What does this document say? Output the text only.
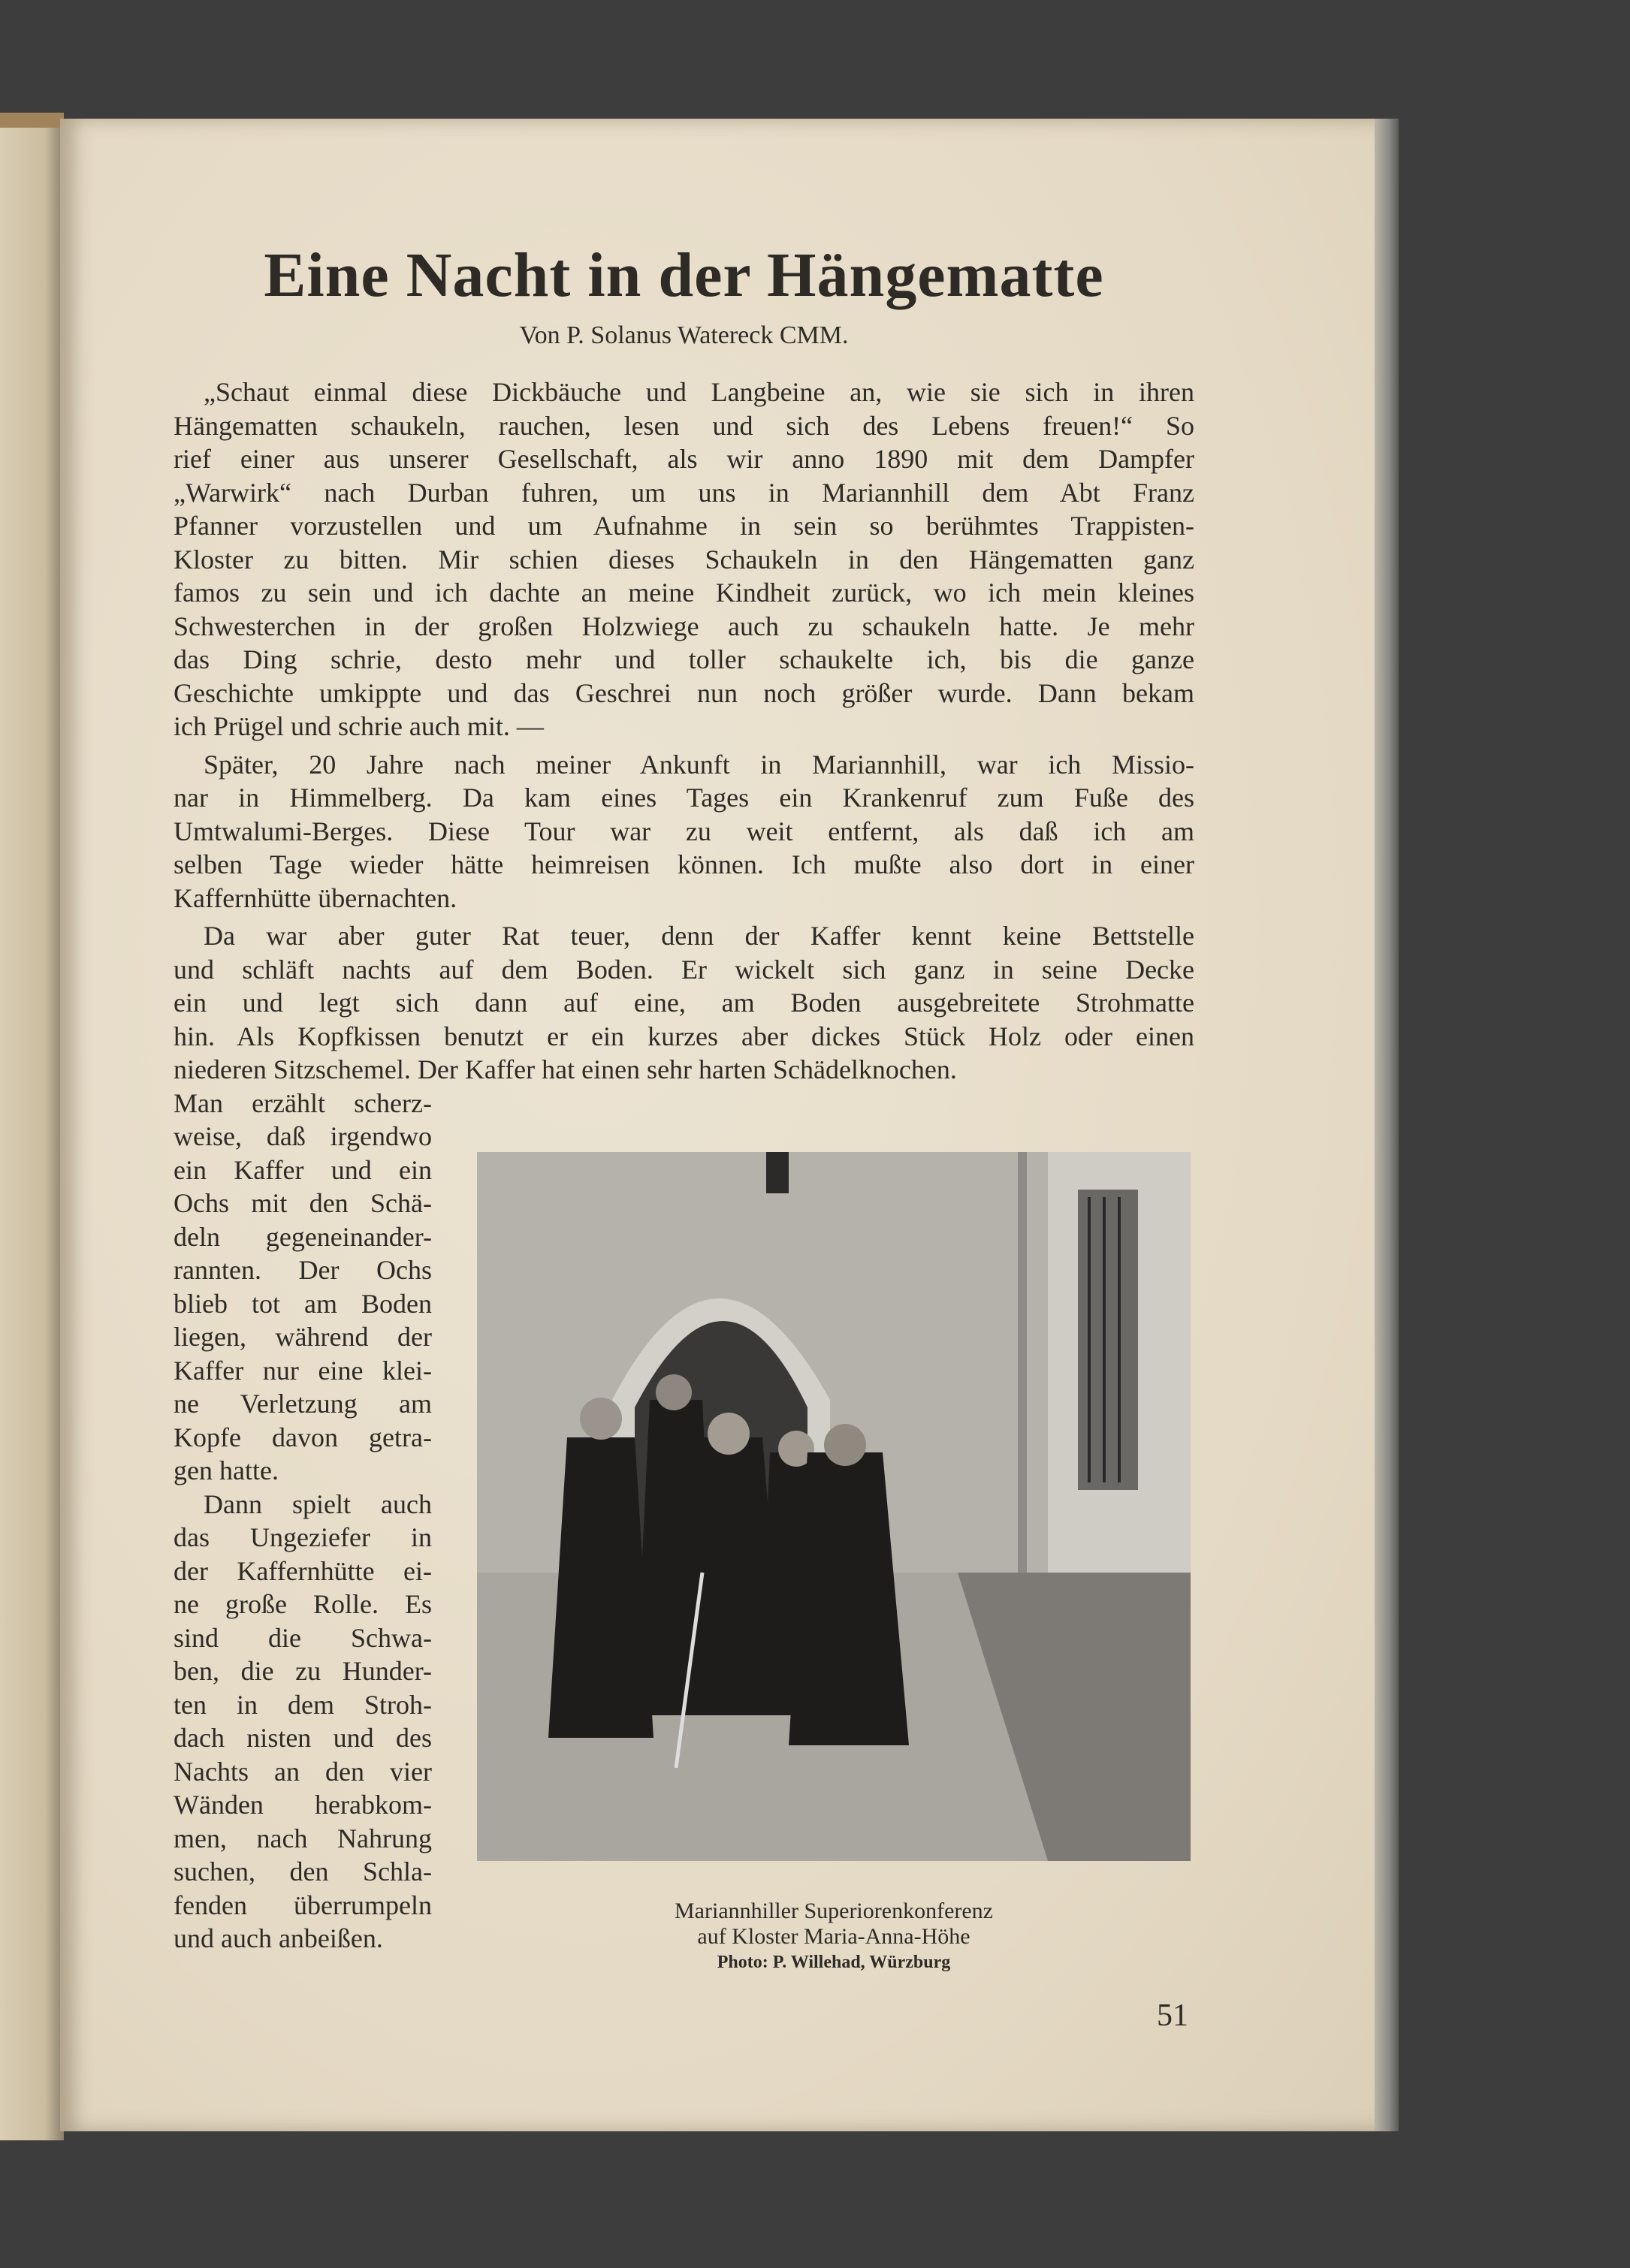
Eine Nacht in der Hängematte
Von P. Solanus Watereck CMM.
„Schaut einmal diese Dickbäuche und Langbeine an, wie sie sich in ihren
Hängematten schaukeln, rauchen, lesen und sich des Lebens freuen!“ So
rief einer aus unserer Gesellschaft, als wir anno 1890 mit dem Dampfer
„Warwirk“ nach Durban fuhren, um uns in Mariannhill dem Abt Franz
Pfanner vorzustellen und um Aufnahme in sein so berühmtes Trappisten-
Kloster zu bitten. Mir schien dieses Schaukeln in den Hängematten ganz
famos zu sein und ich dachte an meine Kindheit zurück, wo ich mein kleines
Schwesterchen in der großen Holzwiege auch zu schaukeln hatte. Je mehr
das Ding schrie, desto mehr und toller schaukelte ich, bis die ganze
Geschichte umkippte und das Geschrei nun noch größer wurde. Dann bekam
ich Prügel und schrie auch mit. —
Später, 20 Jahre nach meiner Ankunft in Mariannhill, war ich Missio-
nar in Himmelberg. Da kam eines Tages ein Krankenruf zum Fuße des
Umtwalumi-Berges. Diese Tour war zu weit entfernt, als daß ich am
selben Tage wieder hätte heimreisen können. Ich mußte also dort in einer
Kaffernhütte übernachten.
Da war aber guter Rat teuer, denn der Kaffer kennt keine Bettstelle
und schläft nachts auf dem Boden. Er wickelt sich ganz in seine Decke
ein und legt sich dann auf eine, am Boden ausgebreitete Strohmatte
hin. Als Kopfkissen benutzt er ein kurzes aber dickes Stück Holz oder einen
niederen Sitzschemel. Der Kaffer hat einen sehr harten Schädelknochen.
Man erzählt scherz-
weise, daß irgendwo
ein Kaffer und ein
Ochs mit den Schä-
deln gegeneinander-
rannten. Der Ochs
blieb tot am Boden
liegen, während der
Kaffer nur eine klei-
ne Verletzung am
Kopfe davon getra-
gen hatte.
Dann spielt auch
das Ungeziefer in
der Kaffernhütte ei-
ne große Rolle. Es
sind die Schwa-
ben, die zu Hunder-
ten in dem Stroh-
dach nisten und des
Nachts an den vier
Wänden herabkom-
men, nach Nahrung
suchen, den Schla-
fenden überrumpeln
und auch anbeißen.
Mariannhiller Superiorenkonferenz
auf Kloster Maria-Anna-Höhe
Photo: P. Willehad, Würzburg
51
